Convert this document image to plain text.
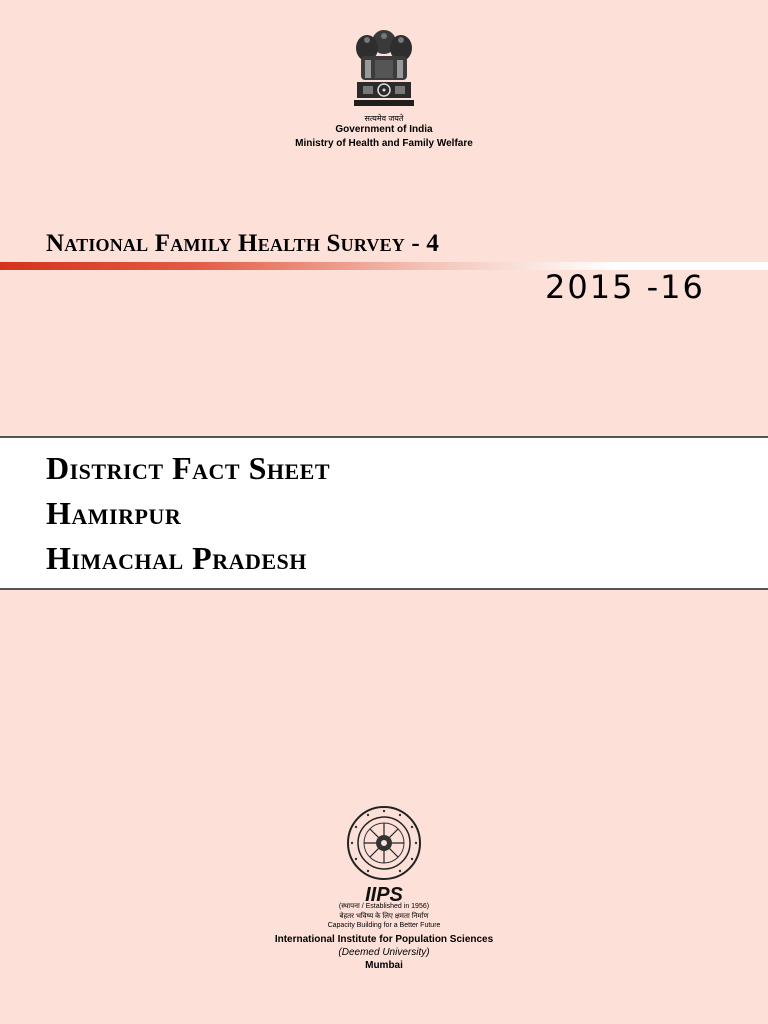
सत्यमेव जयते
Government of India
Ministry of Health and Family Welfare
National Family Health Survey - 4
2015 -16
District Fact Sheet
Hamirpur
Himachal Pradesh
IIPS
(स्थापना / Established in 1956)
बेहतर भविष्य के लिए क्षमता निर्माण
Capacity Building for a Better Future
International Institute for Population Sciences
(Deemed University)
Mumbai
